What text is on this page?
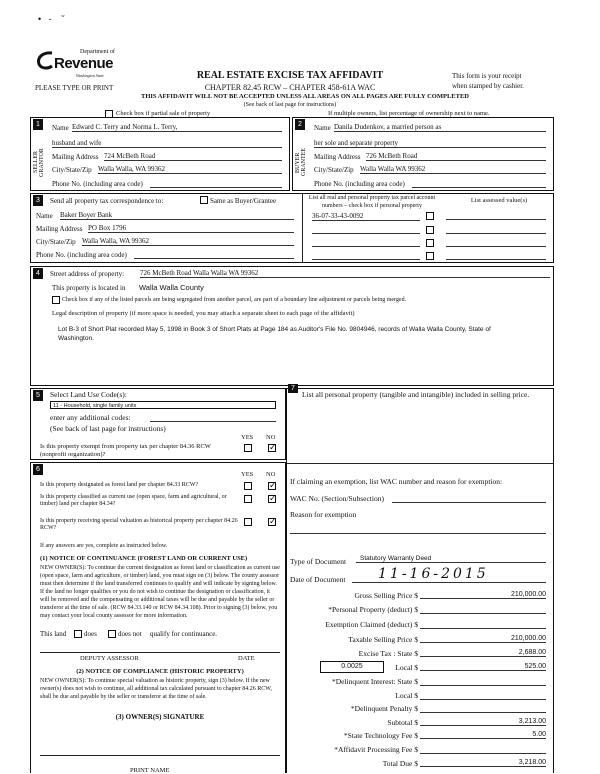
•   -    ˘
Department of
Revenue
Washington State
PLEASE TYPE OR PRINT
REAL ESTATE EXCISE TAX AFFIDAVIT
CHAPTER 82.45 RCW – CHAPTER 458-61A WAC
THIS AFFIDAVIT WILL NOT BE ACCEPTED UNLESS ALL AREAS ON ALL PAGES ARE FULLY COMPLETED
(See back of last page for instructions)
This form is your receipt
when stamped by cashier.
Check box if partial sale of property	If multiple owners, list percentage of ownership next to name.
1	2
SELLER GRANTOR	BUYER GRANTEE
Name Edward C. Terry and Norma L. Terry,
husband and wife
Mailing Address 724 McBeth Road
City/State/Zip Walla Walla, WA 99362
Phone No. (including area code)
Name Danila Dudenkov, a married person as
her sole and separate property
Mailing Address 726 McBeth Road
City/State/Zip Walla Walla WA 99362
Phone No. (including area code)
3	Send all property tax correspondence to:	Same as Buyer/Grantee
Name Baker Boyer Bank
Mailing Address PO Box 1796
City/State/Zip Walla Walla, WA 99362
Phone No. (including area code)
List all real and personal property tax parcel account numbers – check box if personal property
List assessed value(s)
36-07-33-43-0092
4	Street address of property: 726 McBeth Road Walla Walla WA 99362
This property is located in Walla Walla County
Check box if any of the listed parcels are being segregated from another parcel, are part of a boundary line adjustment or parcels being merged.
Legal description of property (if more space is needed, you may attach a separate sheet to each page of the affidavit)
Lot B-3 of Short Plat recorded May 5, 1998 in Book 3 of Short Plats at Page 184 as Auditor's File No. 9804946, records of Walla Walla County, State of Washington.
5	Select Land Use Code(s):
11 - Household, single family units
enter any additional codes:
(See back of last page for instructions)
YES NO
Is this property exempt from property tax per chapter 84.36 RCW (nonprofit organization)?
✓
6
YES NO
Is this property designated as forest land per chapter 84.33 RCW?
✓
Is this property classified as current use (open space, farm and agricultural, or timber) land per chapter 84.34?
✓
Is this property receiving special valuation as historical property per chapter 84.26 RCW?
✓
If any answers are yes, complete as instructed below.
(1) NOTICE OF CONTINUANCE (FOREST LAND OR CURRENT USE)
NEW OWNER(S): To continue the current designation as forest land or classification as current use (open space, farm and agriculture, or timber) land, you must sign on (3) below. The county assessor must then determine if the land transferred continues to qualify and will indicate by signing below. If the land no longer qualifies or you do not wish to continue the designation or classification, it will be removed and the compensating or additional taxes will be due and payable by the seller or transferor at the time of sale. (RCW 84.33.140 or RCW 84.34.108). Prior to signing (3) below, you may contact your local county assessor for more information.
This land	does	does not qualify for continuance.
DEPUTY ASSESSOR	DATE
(2) NOTICE OF COMPLIANCE (HISTORIC PROPERTY)
NEW OWNER(S): To continue special valuation as historic property, sign (3) below. If the new owner(s) does not wish to continue, all additional tax calculated pursuant to chapter 84.26 RCW, shall be due and payable by the seller or transferor at the time of sale.
(3) OWNER(S) SIGNATURE
PRINT NAME
7
List all personal property (tangible and intangible) included in selling price.
If claiming an exemption, list WAC number and reason for exemption:
WAC No. (Section/Subsection)
Reason for exemption
Type of Document	Statutory Warranty Deed
Date of Document	11-16-2015
Gross Selling Price $	210,000.00
*Personal Property (deduct) $
Exemption Claimed (deduct) $
Taxable Selling Price $	210,000.00
Excise Tax : State $	2,688.00
0.0025	Local $	525.00
*Delinquent Interest: State $
Local $
*Delinquent Penalty $
Subtotal $	3,213.00
*State Technology Fee $	5.00
*Affidavit Processing Fee $
Total Due $	3,218.00
